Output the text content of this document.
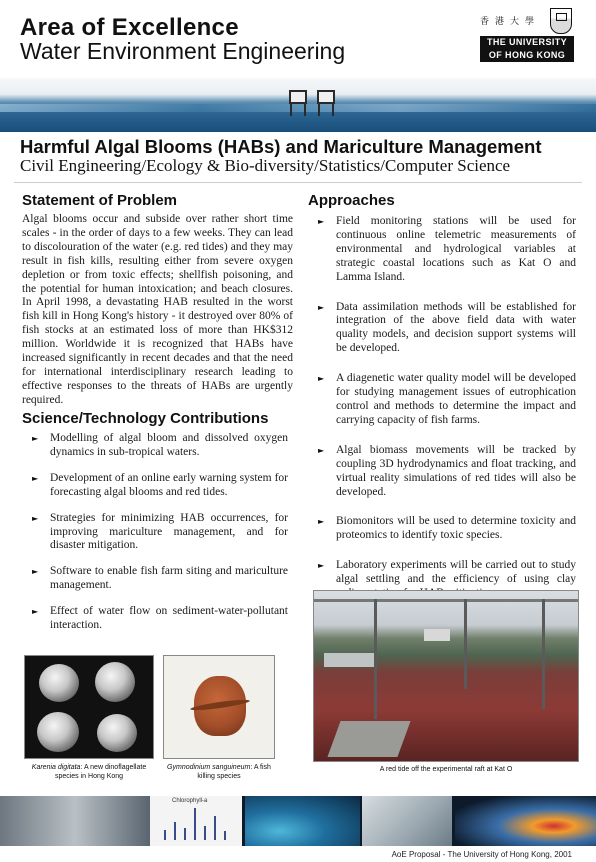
Area of Excellence
Water Environment Engineering
香港大學
THE UNIVERSITY
OF HONG KONG
Harmful Algal Blooms (HABs) and Mariculture Management
Civil Engineering/Ecology & Bio-diversity/Statistics/Computer Science
Statement of Problem
Algal blooms occur and subside over rather short time scales - in the order of days to a few weeks. They can lead to discolouration of the water (e.g. red tides) and they may result in fish kills, resulting either from severe oxygen depletion or from toxic effects; shellfish poisoning, and the potential for human intoxication; and beach closures. In April 1998, a devastating HAB resulted in the worst fish kill in Hong Kong's history - it destroyed over 80% of fish stocks at an estimated loss of more than HK$312 million. Worldwide it is recognized that HABs have increased significantly in recent decades and that the need for international interdisciplinary research leading to effective responses to the threats of HABs are urgently required.
Science/Technology Contributions
► Modelling of algal bloom and dissolved oxygen dynamics in sub-tropical waters.
► Development of an online early warning system for forecasting algal blooms and red tides.
► Strategies for minimizing HAB occurrences, for improving mariculture management, and for disaster mitigation.
► Software to enable fish farm siting and mariculture management.
► Effect of water flow on sediment-water-pollutant interaction.
Approaches
► Field monitoring stations will be used for continuous online telemetric measurements of environmental and hydrological variables at strategic coastal locations such as Kat O and Lamma Island.
► Data assimilation methods will be established for integration of the above field data with water quality models, and decision support systems will be developed.
► A diagenetic water quality model will be developed for studying management issues of eutrophication control and methods to determine the impact and carrying capacity of fish farms.
► Algal biomass movements will be tracked by coupling 3D hydrodynamics and float tracking, and virtual reality simulations of red tides will also be developed.
► Biomonitors will be used to determine toxicity and proteomics to identify toxic species.
► Laboratory experiments will be carried out to study algal settling and the efficiency of using clay
Karenia digitata: A new dinoflagellate species in Hong Kong
Gymnodinium sanguineum: A fish killing species
A red tide off the experimental raft at Kat O
Chlorophyll-a
AoE Proposal - The University of Hong Kong, 2001
